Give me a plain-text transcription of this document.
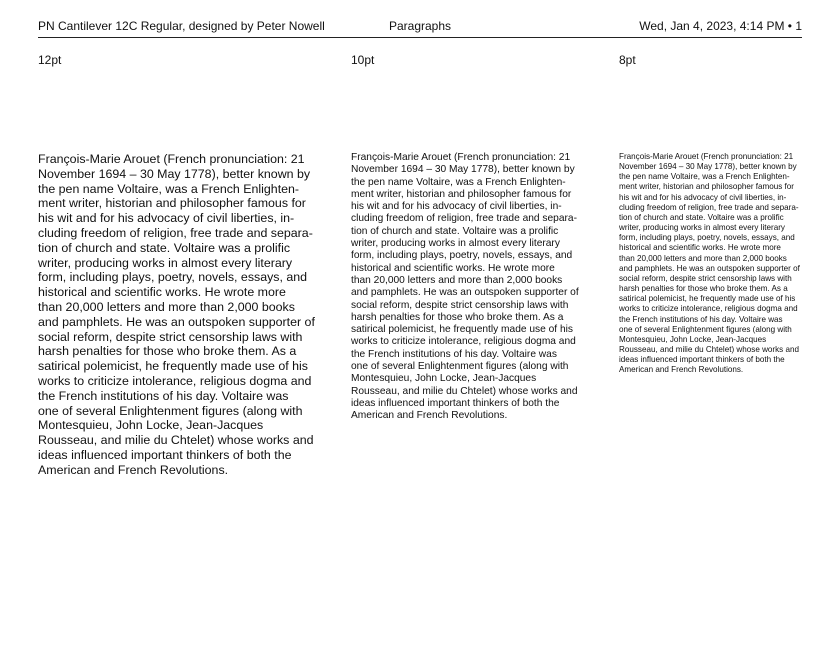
PN Cantilever 12C Regular, designed by Peter Nowell	Paragraphs	Wed, Jan 4, 2023, 4:14 PM • 1
12pt	10pt	8pt

François-Marie Arouet (French pronunciation: 21
November 1694 – 30 May 1778), better known by
the pen name Voltaire, was a French Enlighten-
ment writer, historian and philosopher famous for
his wit and for his advocacy of civil liberties, in-
cluding freedom of religion, free trade and separa-
tion of church and state. Voltaire was a prolific
writer, producing works in almost every literary
form, including plays, poetry, novels, essays, and
historical and scientific works. He wrote more
than 20,000 letters and more than 2,000 books
and pamphlets. He was an outspoken supporter of
social reform, despite strict censorship laws with
harsh penalties for those who broke them. As a
satirical polemicist, he frequently made use of his
works to criticize intolerance, religious dogma and
the French institutions of his day. Voltaire was
one of several Enlightenment figures (along with
Montesquieu, John Locke, Jean-Jacques
Rousseau, and milie du Chtelet) whose works and
ideas influenced important thinkers of both the
American and French Revolutions.

François-Marie Arouet (French pronunciation: 21
November 1694 – 30 May 1778), better known by
the pen name Voltaire, was a French Enlighten-
ment writer, historian and philosopher famous for
his wit and for his advocacy of civil liberties, in-
cluding freedom of religion, free trade and separa-
tion of church and state. Voltaire was a prolific
writer, producing works in almost every literary
form, including plays, poetry, novels, essays, and
historical and scientific works. He wrote more
than 20,000 letters and more than 2,000 books
and pamphlets. He was an outspoken supporter of
social reform, despite strict censorship laws with
harsh penalties for those who broke them. As a
satirical polemicist, he frequently made use of his
works to criticize intolerance, religious dogma and
the French institutions of his day. Voltaire was
one of several Enlightenment figures (along with
Montesquieu, John Locke, Jean-Jacques
Rousseau, and milie du Chtelet) whose works and
ideas influenced important thinkers of both the
American and French Revolutions.

François-Marie Arouet (French pronunciation: 21
November 1694 – 30 May 1778), better known by
the pen name Voltaire, was a French Enlighten-
ment writer, historian and philosopher famous for
his wit and for his advocacy of civil liberties, in-
cluding freedom of religion, free trade and separa-
tion of church and state. Voltaire was a prolific
writer, producing works in almost every literary
form, including plays, poetry, novels, essays, and
historical and scientific works. He wrote more
than 20,000 letters and more than 2,000 books
and pamphlets. He was an outspoken supporter of
social reform, despite strict censorship laws with
harsh penalties for those who broke them. As a
satirical polemicist, he frequently made use of his
works to criticize intolerance, religious dogma and
the French institutions of his day. Voltaire was
one of several Enlightenment figures (along with
Montesquieu, John Locke, Jean-Jacques
Rousseau, and milie du Chtelet) whose works and
ideas influenced important thinkers of both the
American and French Revolutions.
